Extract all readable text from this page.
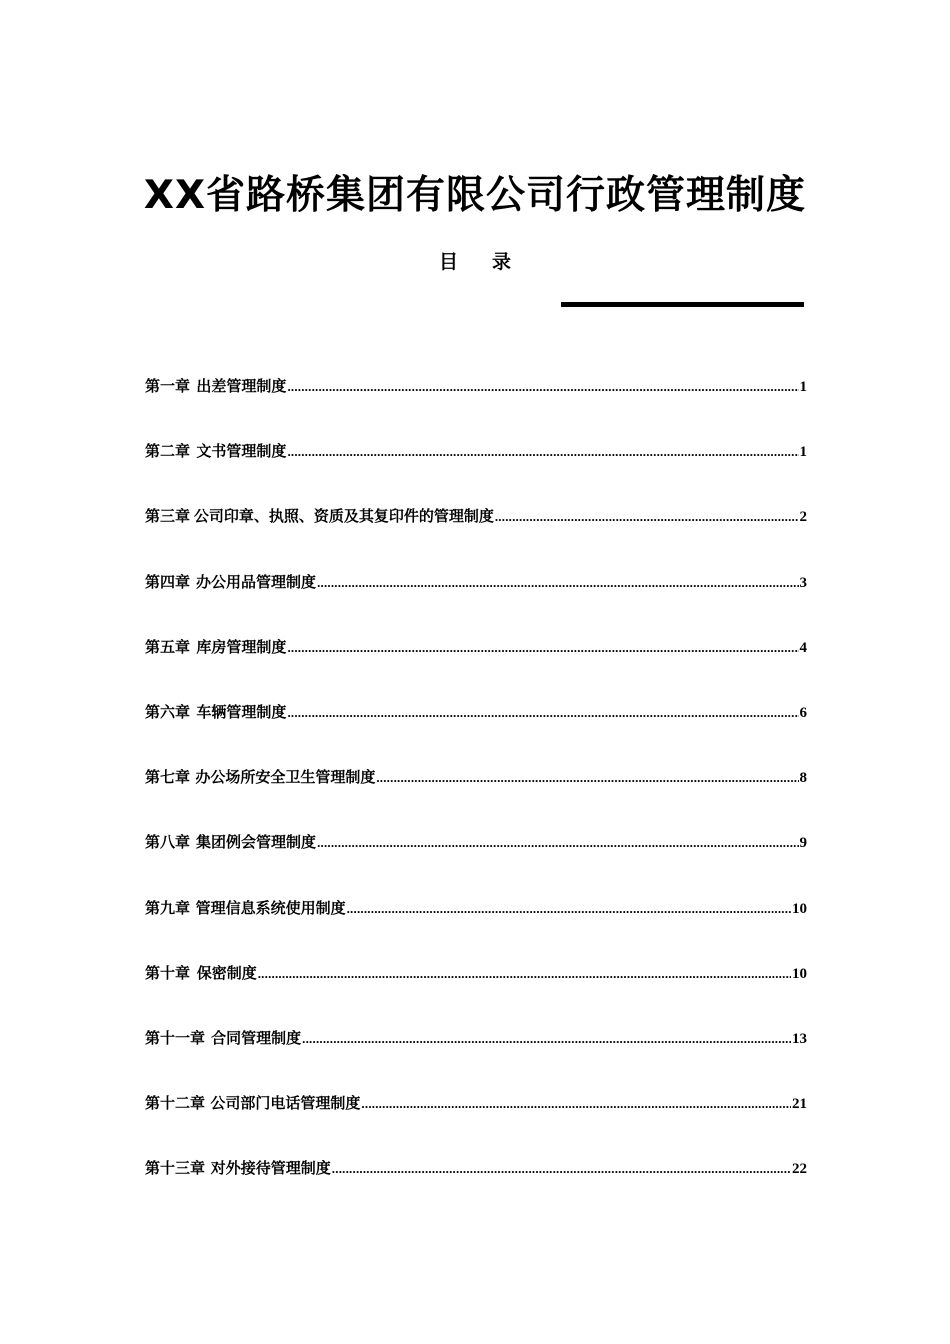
XX省路桥集团有限公司行政管理制度
目录
第一章 出差管理制度 .....	1
第二章 文书管理制度 .....	1
第三章 公司印章、执照、资质及其复印件的管理制度 .....	2
第四章 办公用品管理制度 .....	3
第五章 库房管理制度 .....	4
第六章 车辆管理制度 .....	6
第七章 办公场所安全卫生管理制度 .....	8
第八章 集团例会管理制度 .....	9
第九章 管理信息系统使用制度 .....	10
第十章 保密制度 .....	10
第十一章 合同管理制度 .....	13
第十二章 公司部门电话管理制度 .....	21
第十三章 对外接待管理制度 .....	22
